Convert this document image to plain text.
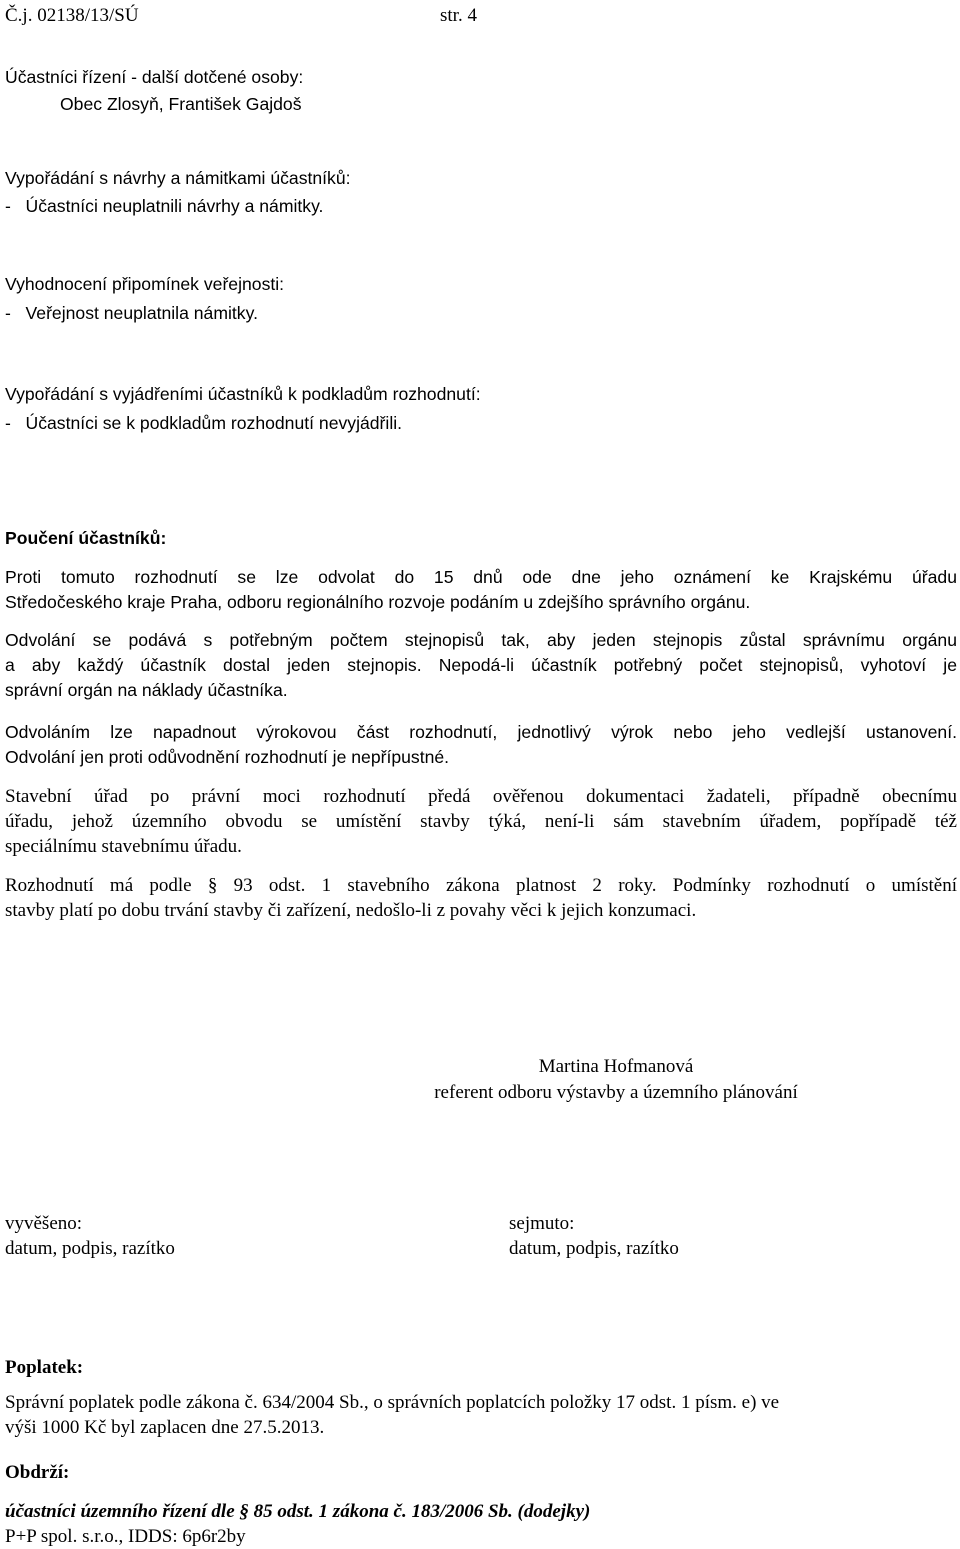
Č.j. 02138/13/SÚ	str. 4
Účastníci řízení - další dotčené osoby:
Obec Zlosyň, František Gajdoš
Vypořádání s návrhy a námitkami účastníků:
-   Účastníci neuplatnili návrhy a námitky.
Vyhodnocení připomínek veřejnosti:
-   Veřejnost neuplatnila námitky.
Vypořádání s vyjádřeními účastníků k podkladům rozhodnutí:
-   Účastníci se k podkladům rozhodnutí nevyjádřili.
Poučení účastníků:
Proti tomuto rozhodnutí se lze odvolat do 15 dnů ode dne jeho oznámení ke Krajskému úřadu
Středočeského kraje Praha, odboru regionálního rozvoje podáním u zdejšího správního orgánu.
Odvolání se podává s potřebným počtem stejnopisů tak, aby jeden stejnopis zůstal správnímu orgánu
a aby každý účastník dostal jeden stejnopis. Nepodá-li účastník potřebný počet stejnopisů, vyhotoví je
správní orgán na náklady účastníka.
Odvoláním lze napadnout výrokovou část rozhodnutí, jednotlivý výrok nebo jeho vedlejší ustanovení.
Odvolání jen proti odůvodnění rozhodnutí je nepřípustné.
Stavební úřad po právní moci rozhodnutí předá ověřenou dokumentaci žadateli, případně obecnímu
úřadu, jehož územního obvodu se umístění stavby týká, není-li sám stavebním úřadem, popřípadě též
speciálnímu stavebnímu úřadu.
Rozhodnutí má podle § 93 odst. 1 stavebního zákona platnost 2 roky. Podmínky rozhodnutí o umístění
stavby platí po dobu trvání stavby či zařízení, nedošlo-li z povahy věci k jejich konzumaci.
Martina Hofmanová
referent odboru výstavby a územního plánování
vyvěšeno:
datum, podpis, razítko
sejmuto:
datum, podpis, razítko
Poplatek:
Správní poplatek podle zákona č. 634/2004 Sb., o správních poplatcích položky 17 odst. 1 písm. e) ve
výši 1000 Kč byl zaplacen dne 27.5.2013.
Obdrží:
účastníci územního řízení dle § 85 odst. 1 zákona č. 183/2006 Sb. (dodejky)
P+P spol. s.r.o., IDDS: 6p6r2by
